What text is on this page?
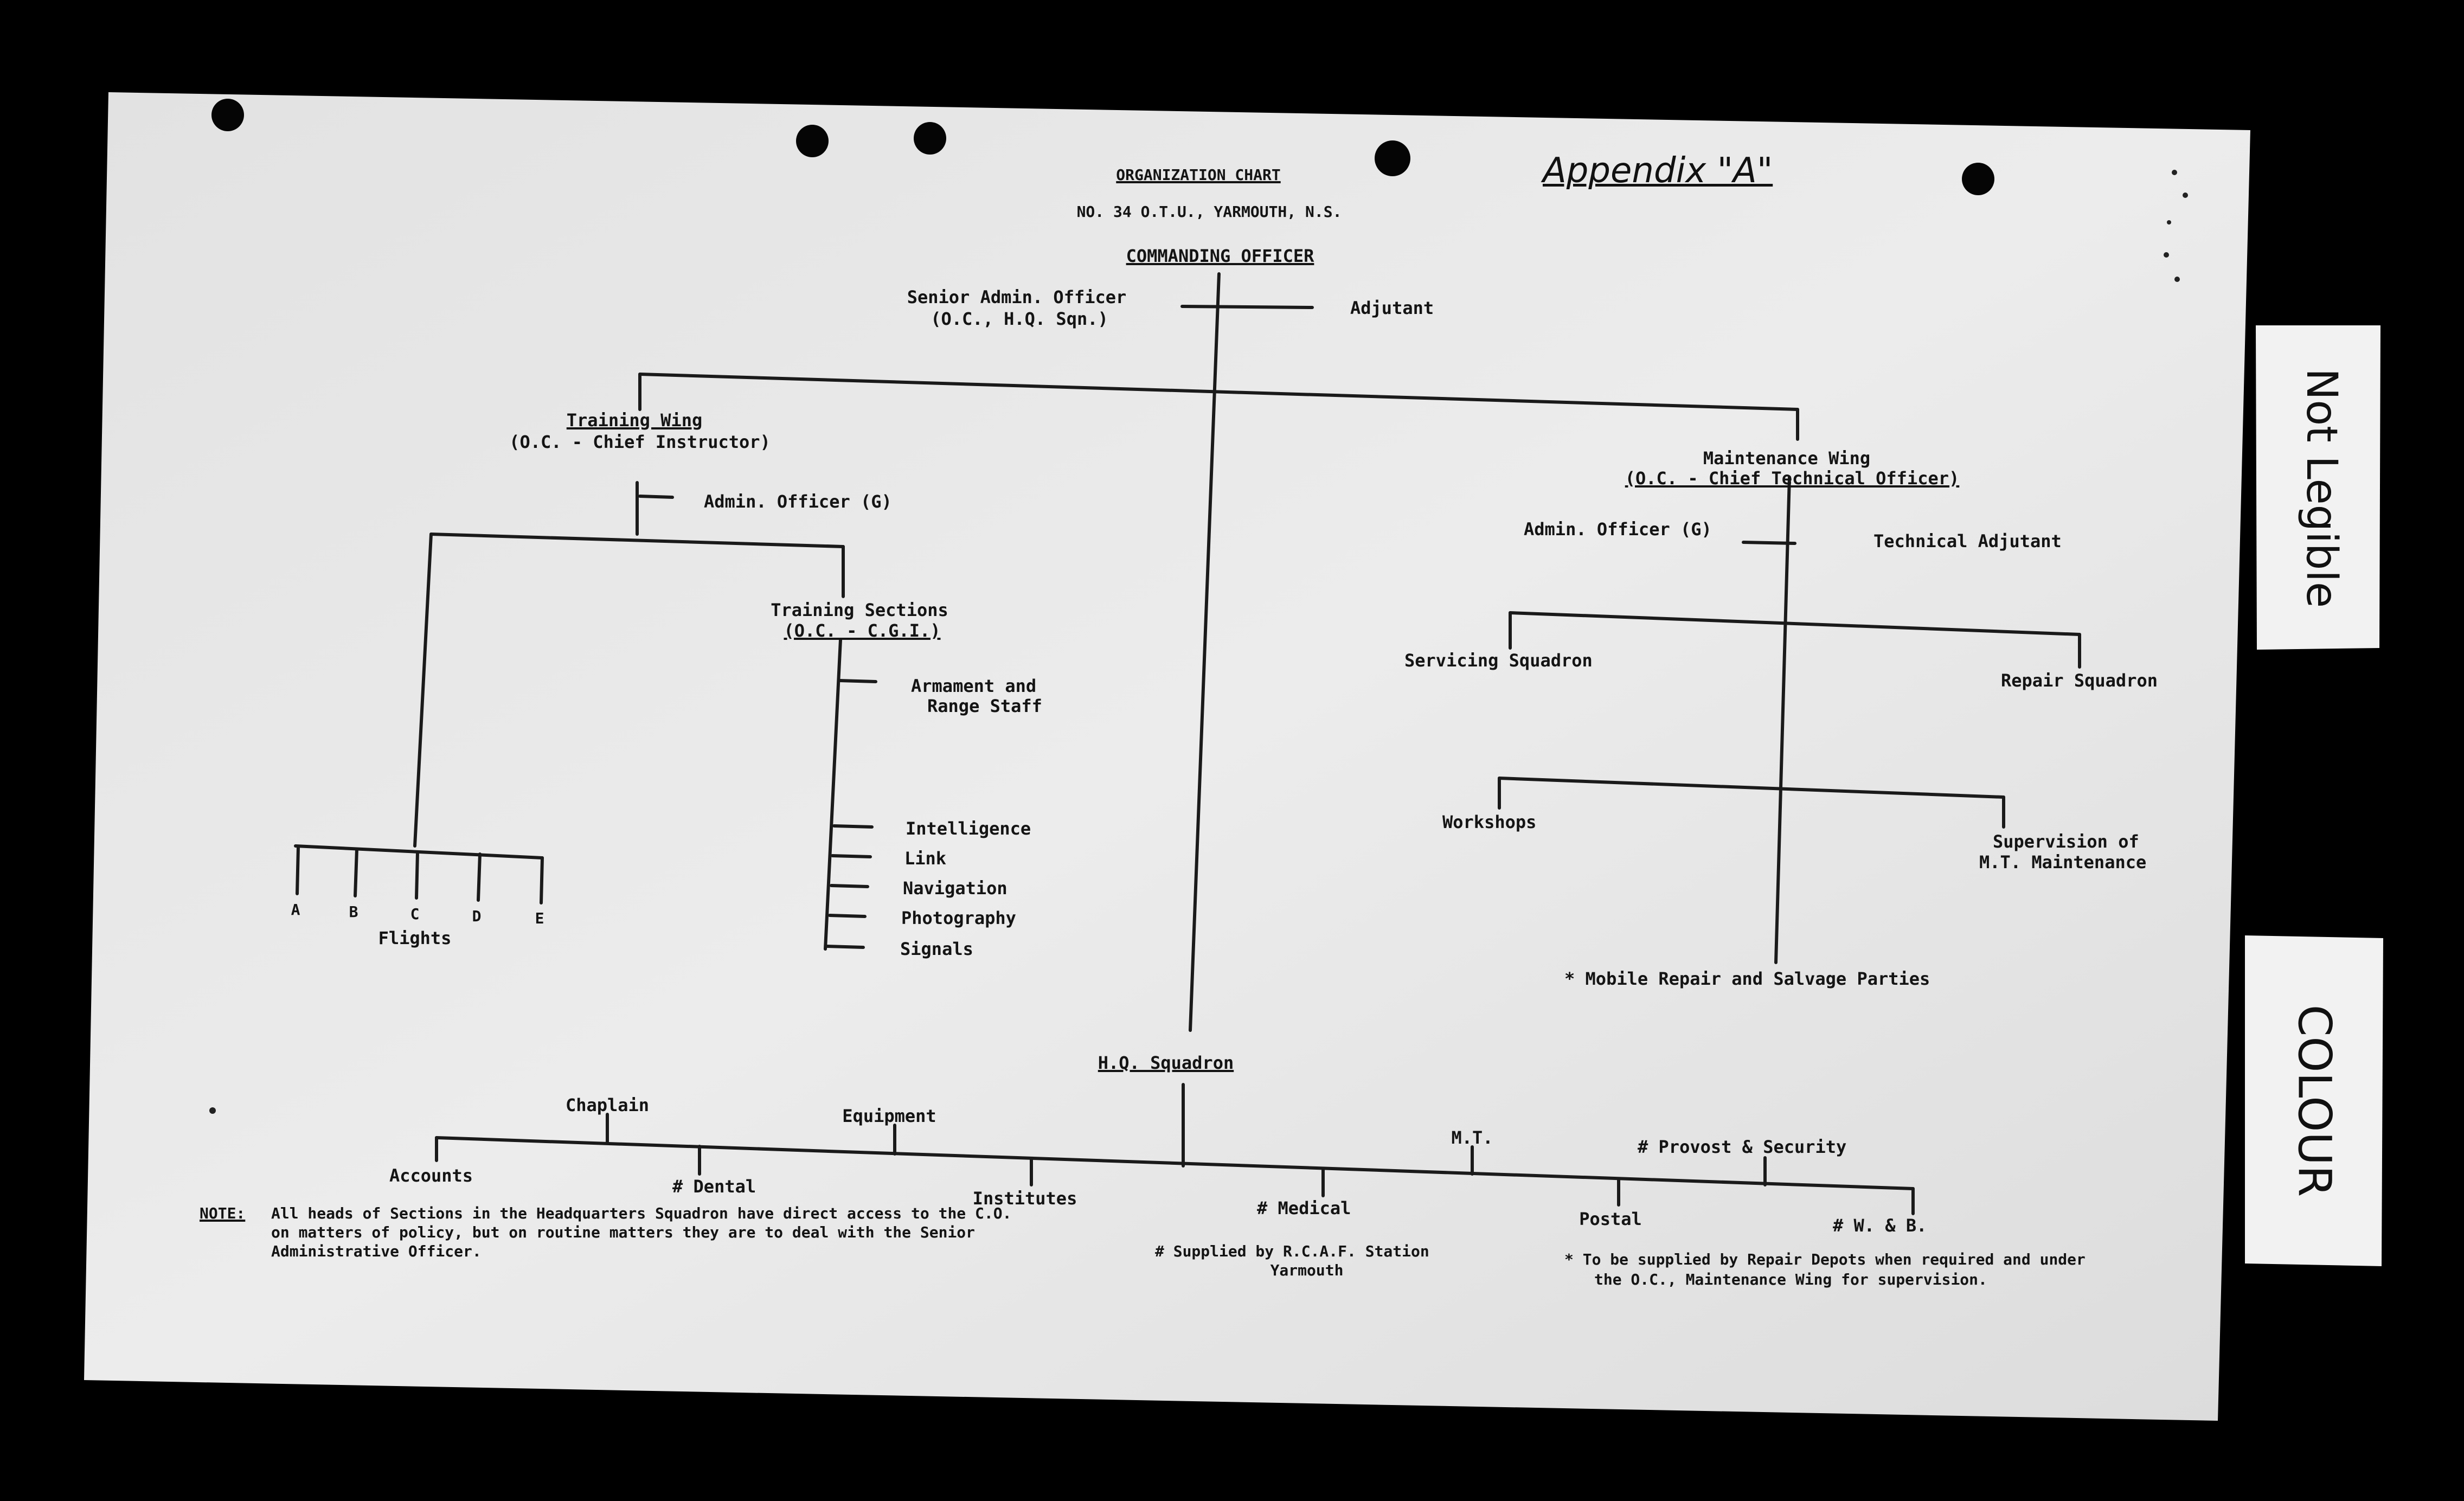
ORGANIZATION CHART
NO. 34 O.T.U., YARMOUTH, N.S.
Appendix "A"
COMMANDING OFFICER
Senior Admin. Officer
(O.C., H.Q. Sqn.)
Adjutant
Training Wing
(O.C. - Chief Instructor)
Admin. Officer (G)
Training Sections
(O.C. - C.G.I.)
Armament and
Range Staff
Intelligence
Link
Navigation
Photography
Signals
A	B	C	D	E
Flights
Maintenance Wing
(O.C. - Chief Technical Officer)
Admin. Officer (G)
Technical Adjutant
Servicing Squadron
Repair Squadron
Workshops
Supervision of
M.T. Maintenance
* Mobile Repair and Salvage Parties
H.Q. Squadron
Chaplain
Equipment
M.T.	# Provost & Security
Accounts
# Dental
Institutes	# Medical
Postal	# W. & B.
NOTE: All heads of Sections in the Headquarters Squadron have direct access to the C.O.
on matters of policy, but on routine matters they are to deal with the Senior
Administrative Officer.	# Supplied by R.C.A.F. Station
Yarmouth
* To be supplied by Repair Depots when required and under
the O.C., Maintenance Wing for supervision.
Not Legible
COLOUR
